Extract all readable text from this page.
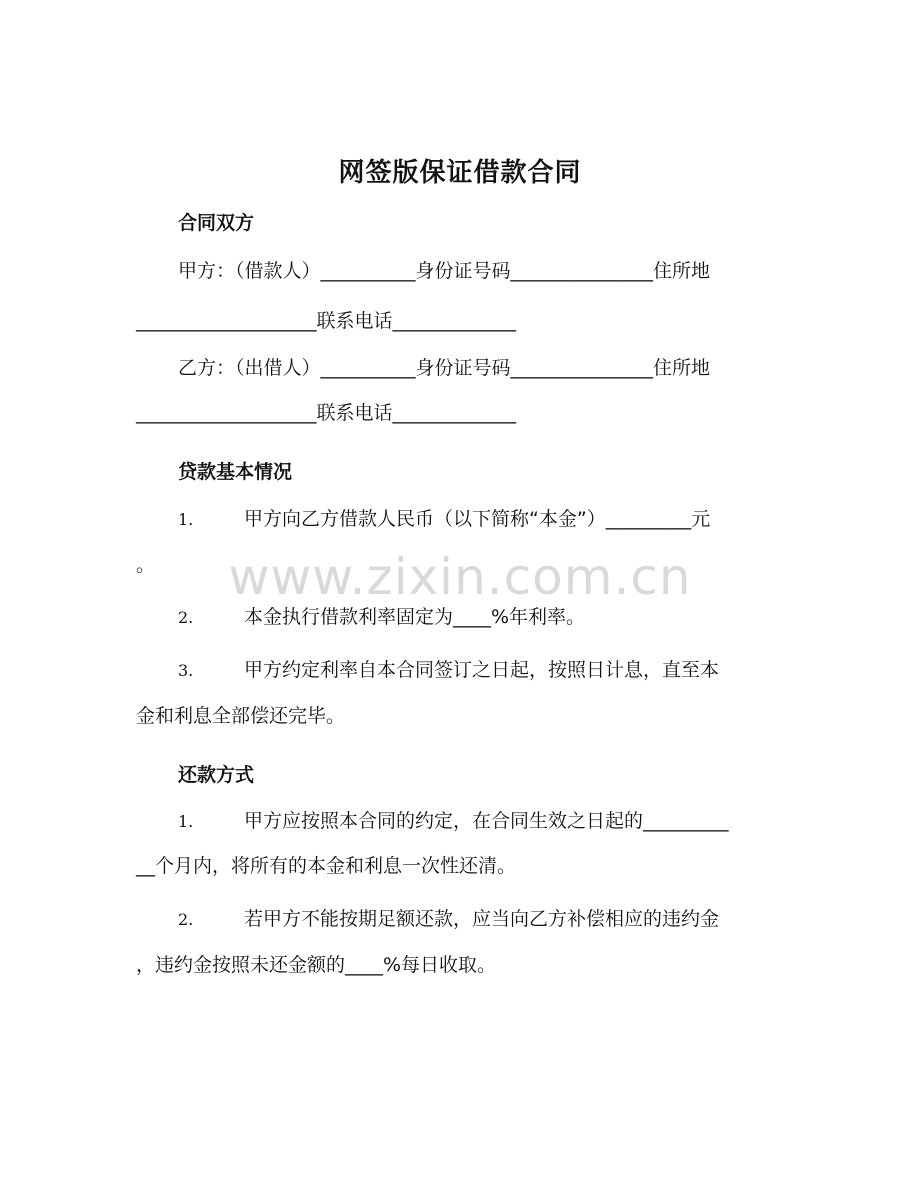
www.zixin.com.cn
网签版保证借款合同
合同双方
甲方：（借款人）__________身份证号码_______________住所地
___________________联系电话_____________
乙方：（出借人）__________身份证号码_______________住所地
___________________联系电话_____________
贷款基本情况
1.	甲方向乙方借款人民币（以下简称“本金”）_________元
。
2.	本金执行借款利率固定为____%年利率。
3.	甲方约定利率自本合同签订之日起，按照日计息，直至本
金和利息全部偿还完毕。
还款方式
1.	甲方应按照本合同的约定，在合同生效之日起的_________
__个月内，将所有的本金和利息一次性还清。
2.	若甲方不能按期足额还款，应当向乙方补偿相应的违约金
，违约金按照未还金额的____%每日收取。
